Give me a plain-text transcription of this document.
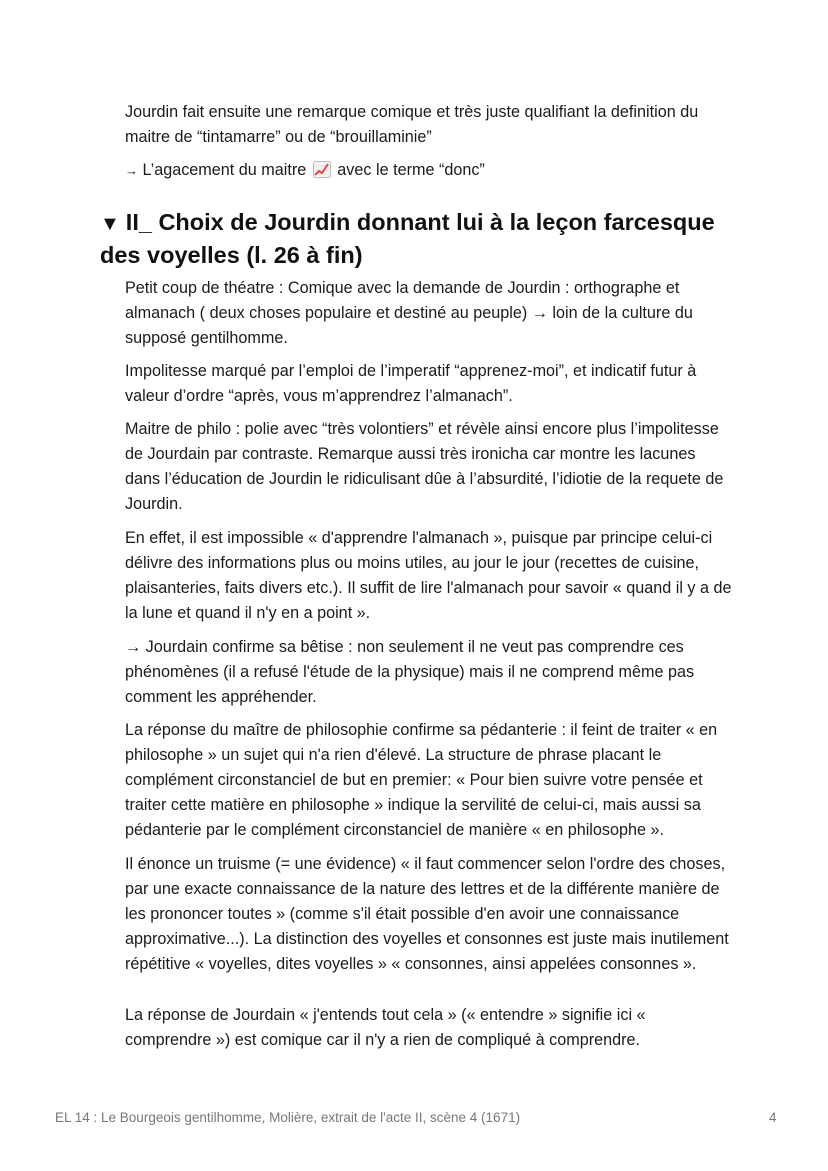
Jourdin fait ensuite une remarque comique et très juste qualifiant la definition du maitre de “tintamarre” ou de “brouillaminie”

→ L’agacement du maitre avec le terme “donc”

▼ II_ Choix de Jourdin donnant lui à la leçon farcesque des voyelles (l. 26 à fin)

Petit coup de théatre : Comique avec la demande de Jourdin : orthographe et almanach ( deux choses populaire et destiné au peuple) → loin de la culture du supposé gentilhomme.

Impolitesse marqué par l’emploi de l’imperatif “apprenez-moi”, et indicatif futur à valeur d’ordre “après, vous m’apprendrez l’almanach”.

Maitre de philo : polie avec “très volontiers” et révèle ainsi encore plus l’impolitesse de Jourdain par contraste. Remarque aussi très ironicha car montre les lacunes dans l’éducation de Jourdin le ridiculisant dûe à l’absurdité, l’idiotie de la requete de Jourdin.

En effet, il est impossible « d'apprendre l'almanach », puisque par principe celui-ci délivre des informations plus ou moins utiles, au jour le jour (recettes de cuisine, plaisanteries, faits divers etc.). Il suffit de lire l'almanach pour savoir « quand il y a de la lune et quand il n'y en a point ».

→ Jourdain confirme sa bêtise : non seulement il ne veut pas comprendre ces phénomènes (il a refusé l'étude de la physique) mais il ne comprend même pas comment les appréhender.

La réponse du maître de philosophie confirme sa pédanterie : il feint de traiter « en philosophe » un sujet qui n'a rien d'élevé. La structure de phrase placant le complément circonstanciel de but en premier: « Pour bien suivre votre pensée et traiter cette matière en philosophe » indique la servilité de celui-ci, mais aussi sa pédanterie par le complément circonstanciel de manière « en philosophe ».

Il énonce un truisme (= une évidence) « il faut commencer selon l'ordre des choses, par une exacte connaissance de la nature des lettres et de la différente manière de les prononcer toutes » (comme s'il était possible d'en avoir une connaissance approximative...). La distinction des voyelles et consonnes est juste mais inutilement répétitive « voyelles, dites voyelles » « consonnes, ainsi appelées consonnes ».

La réponse de Jourdain « j'entends tout cela » (« entendre » signifie ici « comprendre ») est comique car il n'y a rien de compliqué à comprendre.

EL 14 : Le Bourgeois gentilhomme, Molière, extrait de l'acte II, scène 4 (1671)	4
